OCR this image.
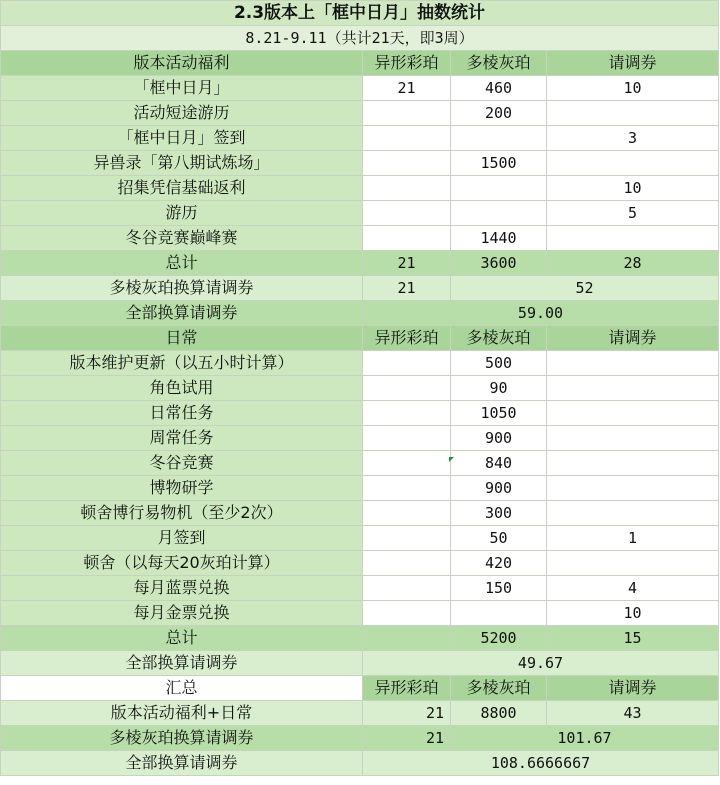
2.3版本上「框中日月」抽数统计			
8.21-9.11（共计21天，即3周）			
版本活动福利	异形彩珀	多棱灰珀	请调券
「框中日月」	21	460	10
活动短途游历		200	
「框中日月」签到			3
异兽录「第八期试炼场」		1500	
招集凭信基础返利			10
游历			5
冬谷竞赛巅峰赛		1440	
总计	21	3600	28
多棱灰珀换算请调券	21	52	
全部换算请调券	59.00		
日常	异形彩珀	多棱灰珀	请调券
版本维护更新（以五小时计算）		500	
角色试用		90	
日常任务		1050	
周常任务		900	
冬谷竞赛		840	
博物研学		900	
顿舍博行易物机（至少2次）		300	
月签到		50	1
顿舍（以每天20灰珀计算）		420	
每月蓝票兑换		150	4
每月金票兑换			10
总计		5200	15
全部换算请调券	49.67		
汇总	异形彩珀	多棱灰珀	请调券
版本活动福利+日常	21	8800	43
多棱灰珀换算请调券	21	101.67	
全部换算请调券	108.6666667		
